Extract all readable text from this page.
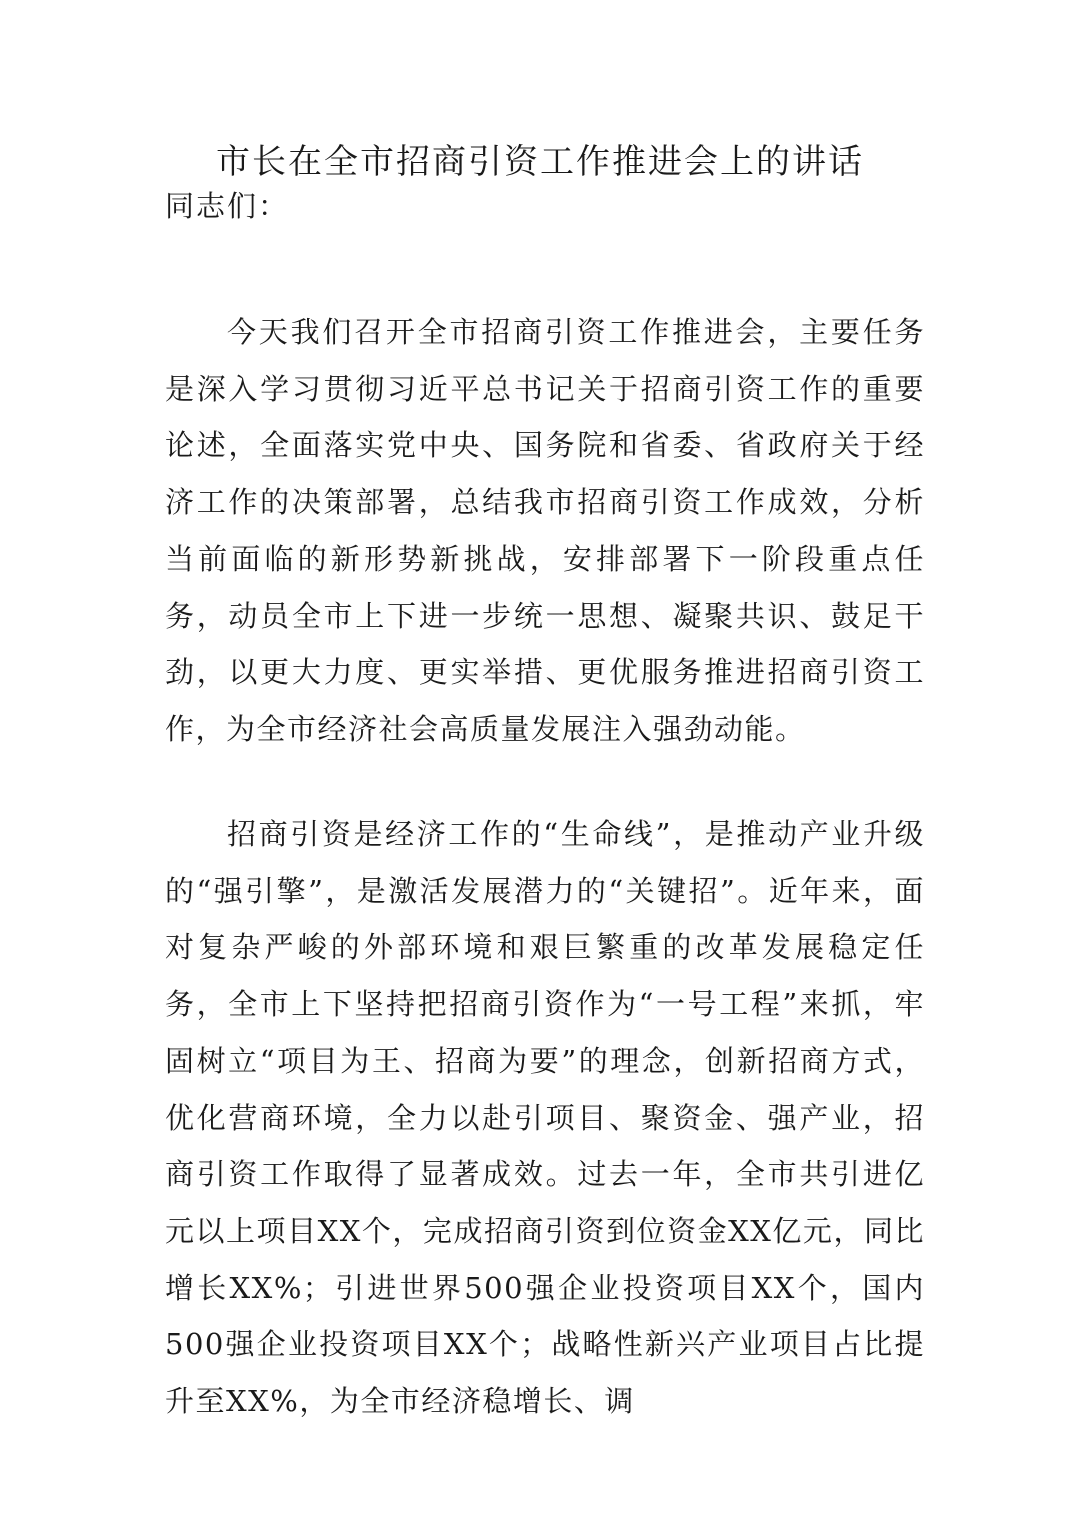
市长在全市招商引资工作推进会上的讲话

同志们：

今天我们召开全市招商引资工作推进会，主要任务是深入学习贯彻习近平总书记关于招商引资工作的重要论述，全面落实党中央、国务院和省委、省政府关于经济工作的决策部署，总结我市招商引资工作成效，分析当前面临的新形势新挑战，安排部署下一阶段重点任务，动员全市上下进一步统一思想、凝聚共识、鼓足干劲，以更大力度、更实举措、更优服务推进招商引资工作，为全市经济社会高质量发展注入强劲动能。

招商引资是经济工作的“生命线”，是推动产业升级的“强引擎”，是激活发展潜力的“关键招”。近年来，面对复杂严峻的外部环境和艰巨繁重的改革发展稳定任务，全市上下坚持把招商引资作为“一号工程”来抓，牢固树立“项目为王、招商为要”的理念，创新招商方式，优化营商环境，全力以赴引项目、聚资金、强产业，招商引资工作取得了显著成效。过去一年，全市共引进亿元以上项目XX个，完成招商引资到位资金XX亿元，同比增长XX%；引进世界500强企业投资项目XX个，国内500强企业投资项目XX个；战略性新兴产业项目占比提升至XX%，为全市经济稳增长、调
